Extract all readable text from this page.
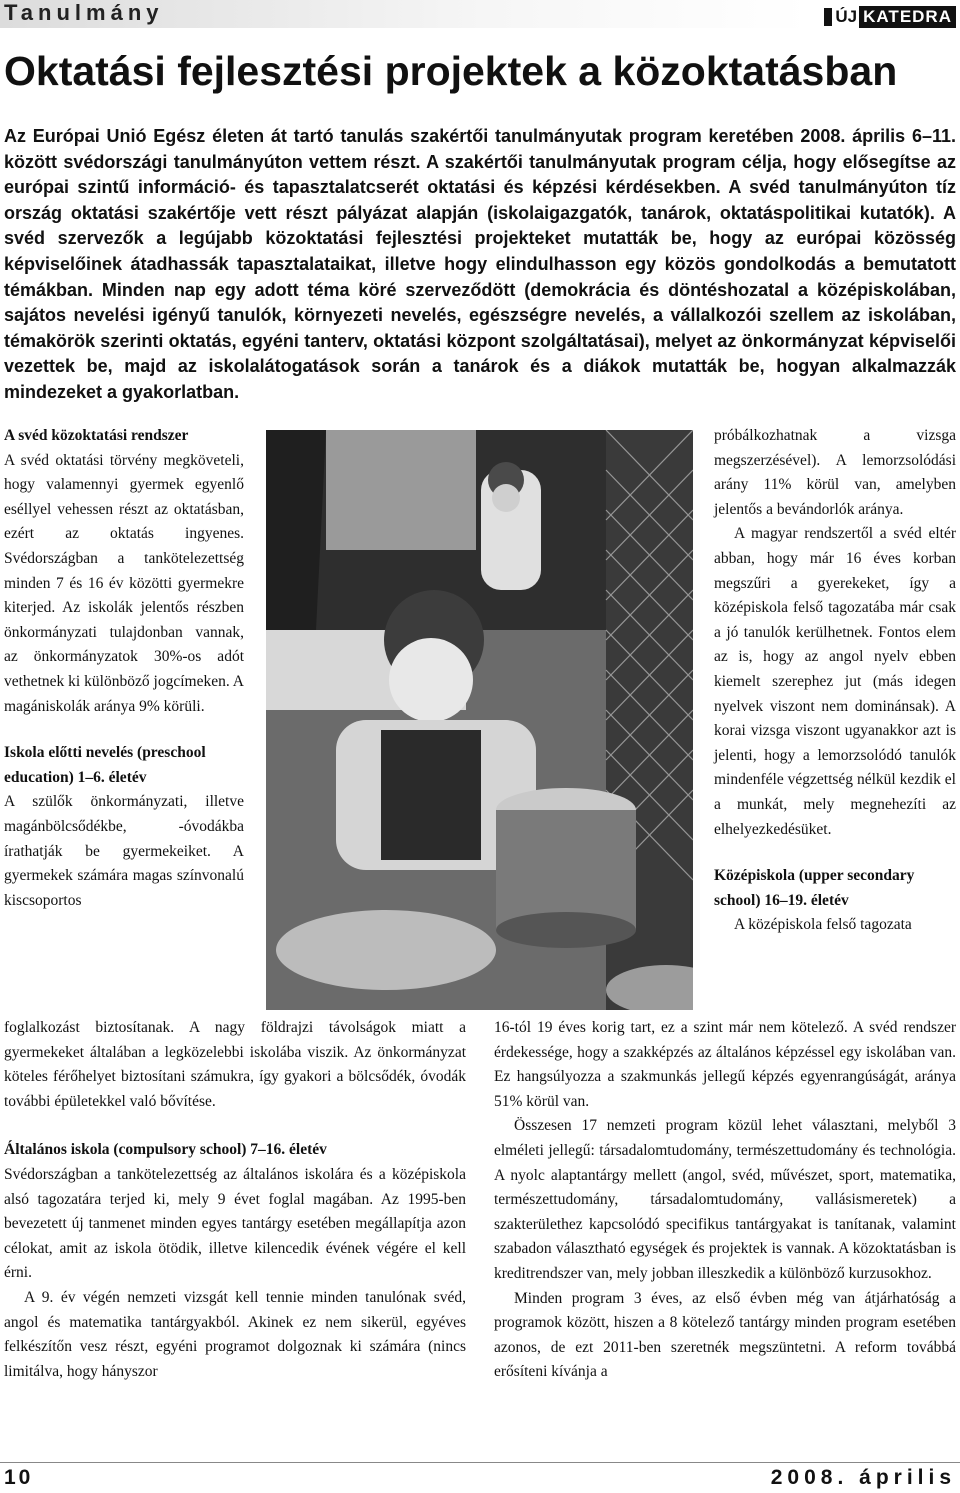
Tanulmány	ÚJ KATEDRA
Oktatási fejlesztési projektek a közoktatásban

Az Európai Unió Egész életen át tartó tanulás szakértői tanulmányutak program keretében 2008. április 6–11. között svédországi tanulmányúton vettem részt. A szakértői tanulmányutak program célja, hogy elősegítse az európai szintű információ- és tapasztalatcserét oktatási és képzési kérdésekben. A svéd tanulmányúton tíz ország oktatási szakértője vett részt pályázat alapján (iskolaigazgatók, tanárok, oktatáspolitikai kutatók). A svéd szervezők a legújabb közoktatási fejlesztési projekteket mutatták be, hogy az európai közösség képviselőinek átadhassák tapasztalataikat, illetve hogy elindulhasson egy közös gondolkodás a bemutatott témákban. Minden nap egy adott téma köré szerveződött (demokrácia és döntéshozatal a középiskolában, sajátos nevelési igényű tanulók, környezeti nevelés, egészségre nevelés, a vállalkozói szellem az iskolában, témakörök szerinti oktatás, egyéni tanterv, oktatási központ szolgáltatásai), melyet az önkormányzat képviselői vezettek be, majd az iskolalátogatások során a tanárok és a diákok mutatták be, hogyan alkalmazzák mindezeket a gyakorlatban.

A svéd közoktatási rendszer

A svéd oktatási törvény megköveteli, hogy valamennyi gyermek egyenlő eséllyel vehessen részt az oktatásban, ezért az oktatás ingyenes. Svédországban a tankötelezettség minden 7 és 16 év közötti gyermekre kiterjed. Az iskolák jelentős részben önkormányzati tulajdonban vannak, az önkormányzatok 30%-os adót vethetnek ki különböző jogcímeken. A magániskolák aránya 9% körüli.

Iskola előtti nevelés (preschool education) 1–6. életév

A szülők önkormányzati, illetve magánbölcsődékbe, -óvodákba írathatják be gyermekeiket. A gyermekek számára magas színvonalú kiscsoportos

foglalkozást biztosítanak. A nagy földrajzi távolságok miatt a gyermekeket általában a legközelebbi iskolába viszik. Az önkormányzat köteles férőhelyet biztosítani számukra, így gyakori a bölcsődék, óvodák további épületekkel való bővítése.

Általános iskola (compulsory school) 7–16. életév

Svédországban a tankötelezettség az általános iskolára és a középiskola alsó tagozatára terjed ki, mely 9 évet foglal magában. Az 1995-ben bevezetett új tanmenet minden egyes tantárgy esetében megállapítja azon célokat, amit az iskola ötödik, illetve kilencedik évének végére el kell érni.

A 9. év végén nemzeti vizsgát kell tennie minden tanulónak svéd, angol és matematika tantárgyakból. Akinek ez nem sikerül, egyéves felkészítőn vesz részt, egyéni programot dolgoznak ki számára (nincs limitálva, hogy hányszor

próbálkozhatnak a vizsga megszerzésével). A lemorzsolódási arány 11% körül van, amelyben jelentős a bevándorlók aránya.

A magyar rendszertől a svéd eltér abban, hogy már 16 éves korban megszűri a gyerekeket, így a középiskola felső tagozatába már csak a jó tanulók kerülhetnek. Fontos elem az is, hogy az angol nyelv ebben kiemelt szerephez jut (más idegen nyelvek viszont nem dominánsak). A korai vizsga viszont ugyanakkor azt is jelenti, hogy a lemorzsolódó tanulók mindenféle végzettség nélkül kezdik el a munkát, mely megnehezíti az elhelyezkedésüket.

Középiskola (upper secondary school) 16–19. életév

A középiskola felső tagozata

16-tól 19 éves korig tart, ez a szint már nem kötelező. A svéd rendszer érdekessége, hogy a szakképzés az általános képzéssel egy iskolában van. Ez hangsúlyozza a szakmunkás jellegű képzés egyenrangúságát, aránya 51% körül van.

Összesen 17 nemzeti program közül lehet választani, melyből 3 elméleti jellegű: társadalomtudomány, természettudomány és technológia. A nyolc alaptantárgy mellett (angol, svéd, művészet, sport, matematika, természettudomány, társadalomtudomány, vallásismeretek) a szakterülethez kapcsolódó specifikus tantárgyakat is tanítanak, valamint szabadon választható egységek és projektek is vannak. A közoktatásban is kreditrendszer van, mely jobban illeszkedik a különböző kurzusokhoz.

Minden program 3 éves, az első évben még van átjárhatóság a programok között, hiszen a 8 kötelező tantárgy minden program esetében azonos, de ezt 2011-ben szeretnék megszüntetni. A reform továbbá erősíteni kívánja a

10	2008. április
